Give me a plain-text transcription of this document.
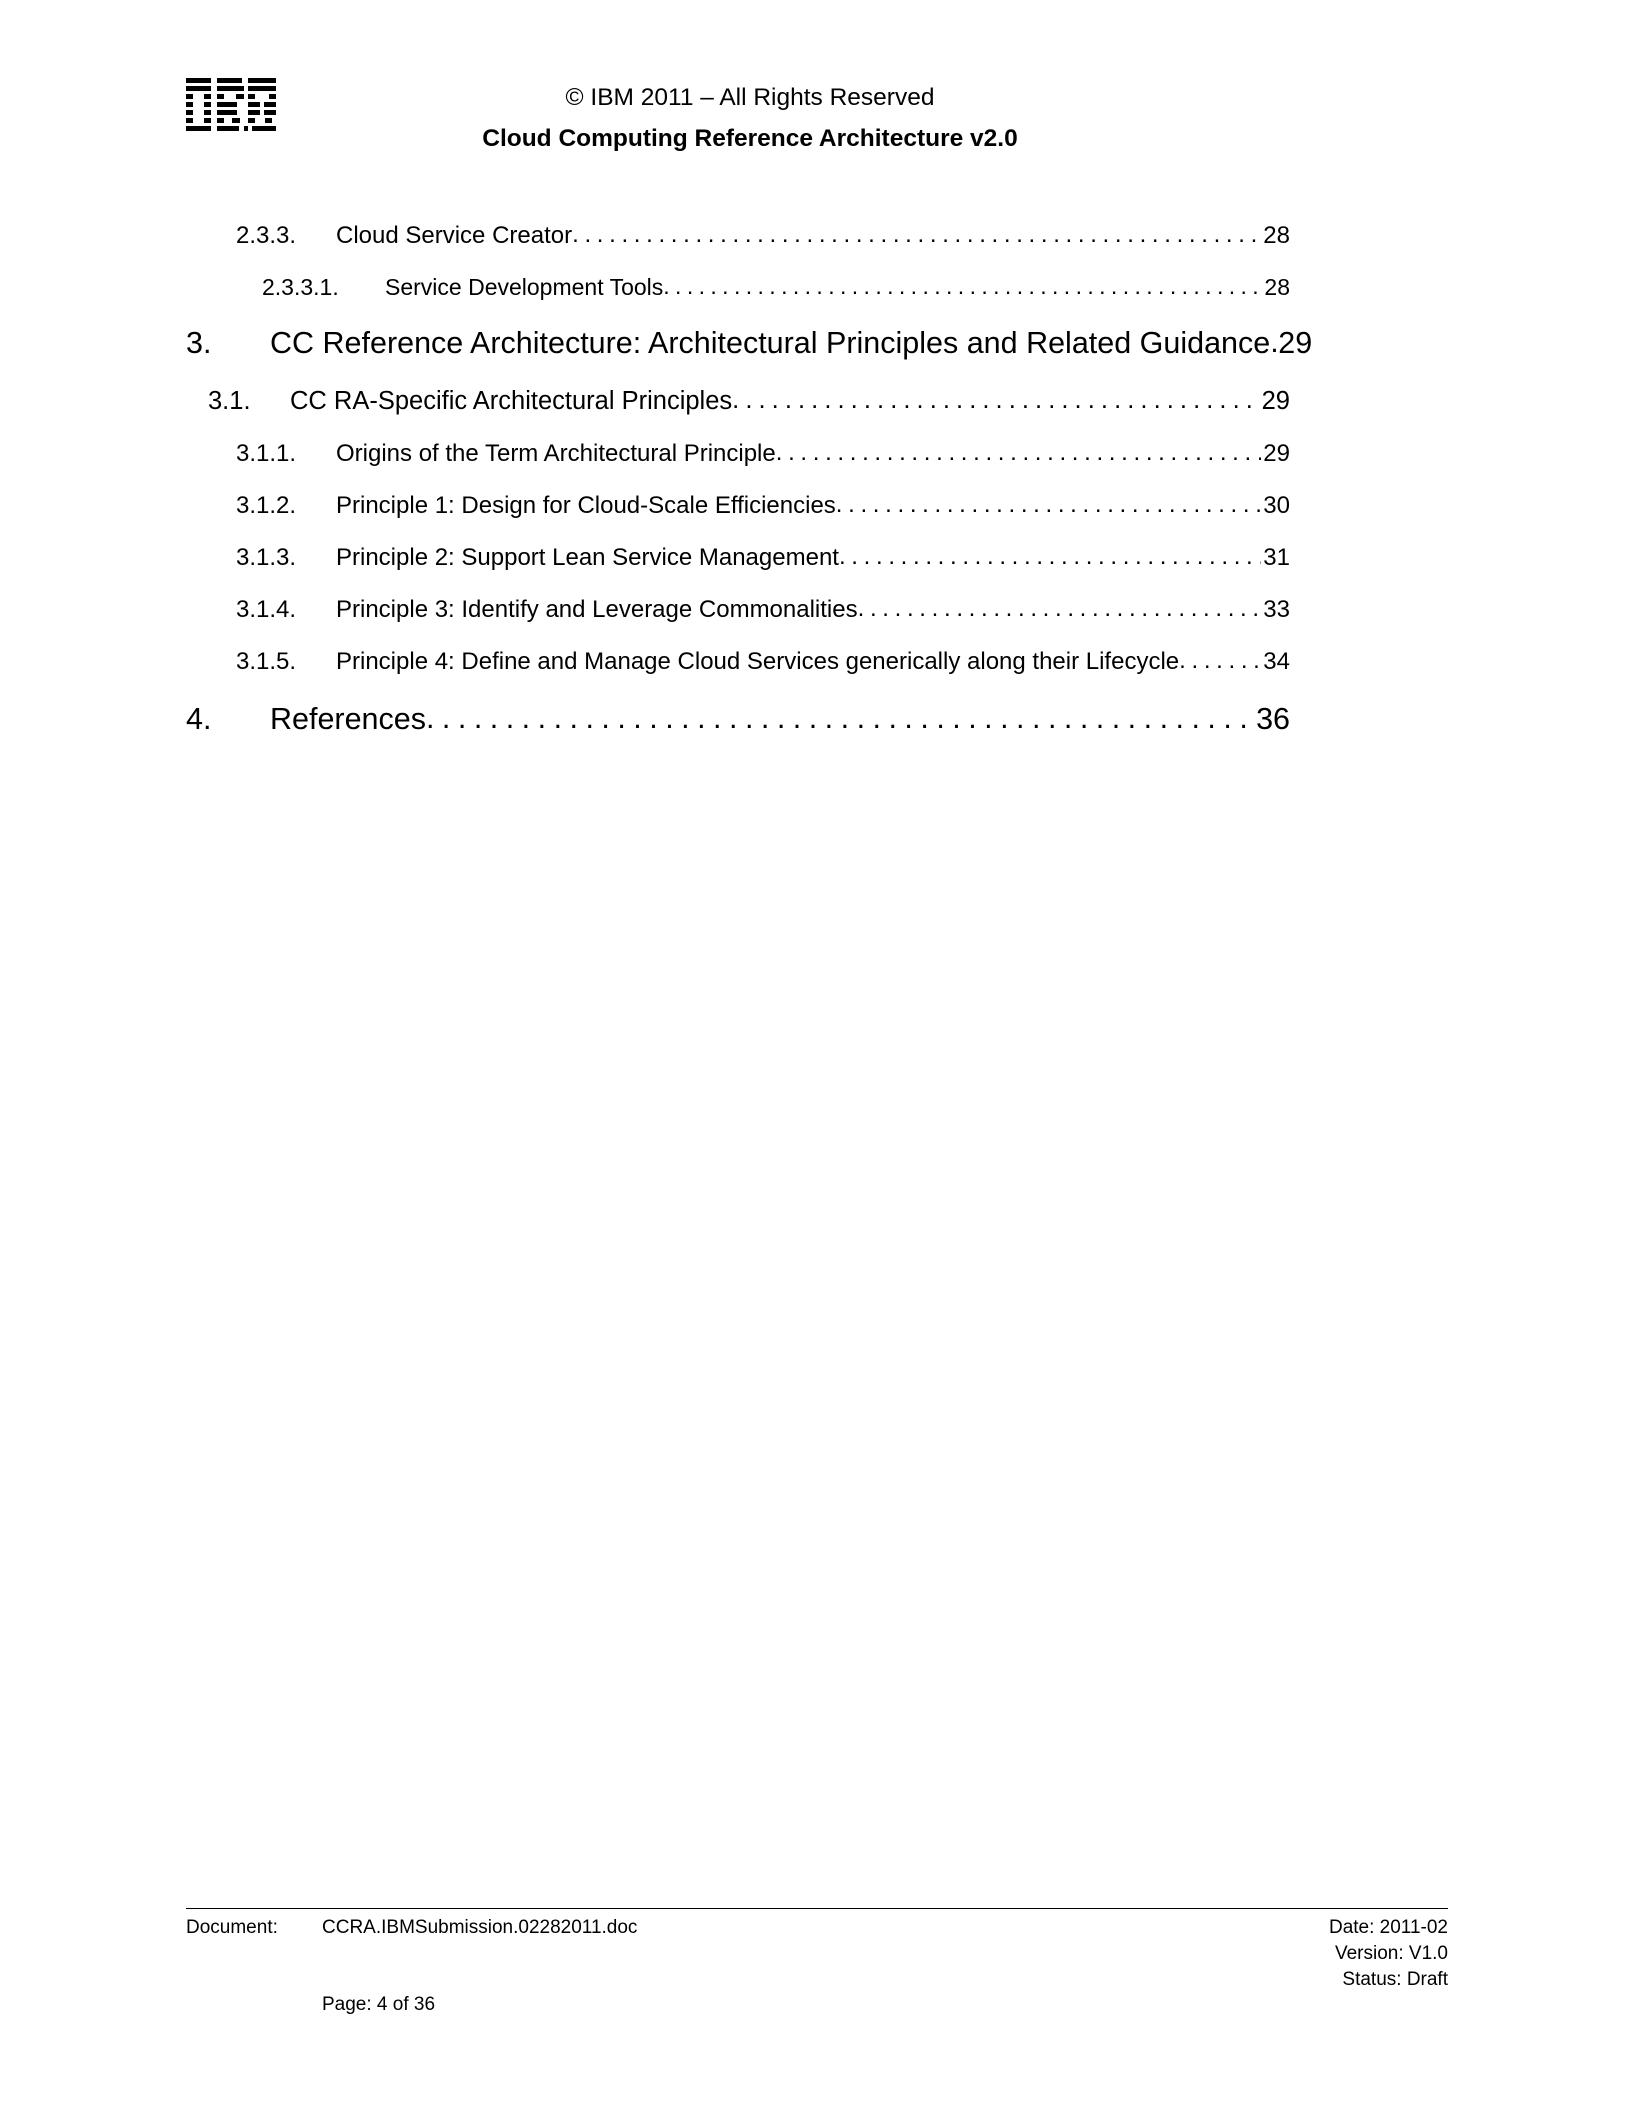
© IBM 2011 – All Rights Reserved
Cloud Computing Reference Architecture v2.0
2.3.3.	Cloud Service Creator . . .	28
2.3.3.1.	Service Development Tools . . .	28
3.	CC Reference Architecture: Architectural Principles and Related Guidance . . . 29
3.1.	CC RA-Specific Architectural Principles . . .	29
3.1.1.	Origins of the Term Architectural Principle . . .	29
3.1.2.	Principle 1: Design for Cloud-Scale Efficiencies . . .	30
3.1.3.	Principle 2: Support Lean Service Management . . .	31
3.1.4.	Principle 3: Identify and Leverage Commonalities . . .	33
3.1.5.	Principle 4: Define and Manage Cloud Services generically along their Lifecycle . . .	34
4.	References . . .	36
Document:	CCRA.IBMSubmission.02282011.doc	Date: 2011-02
Version: V1.0
Status: Draft
Page: 4 of 36
